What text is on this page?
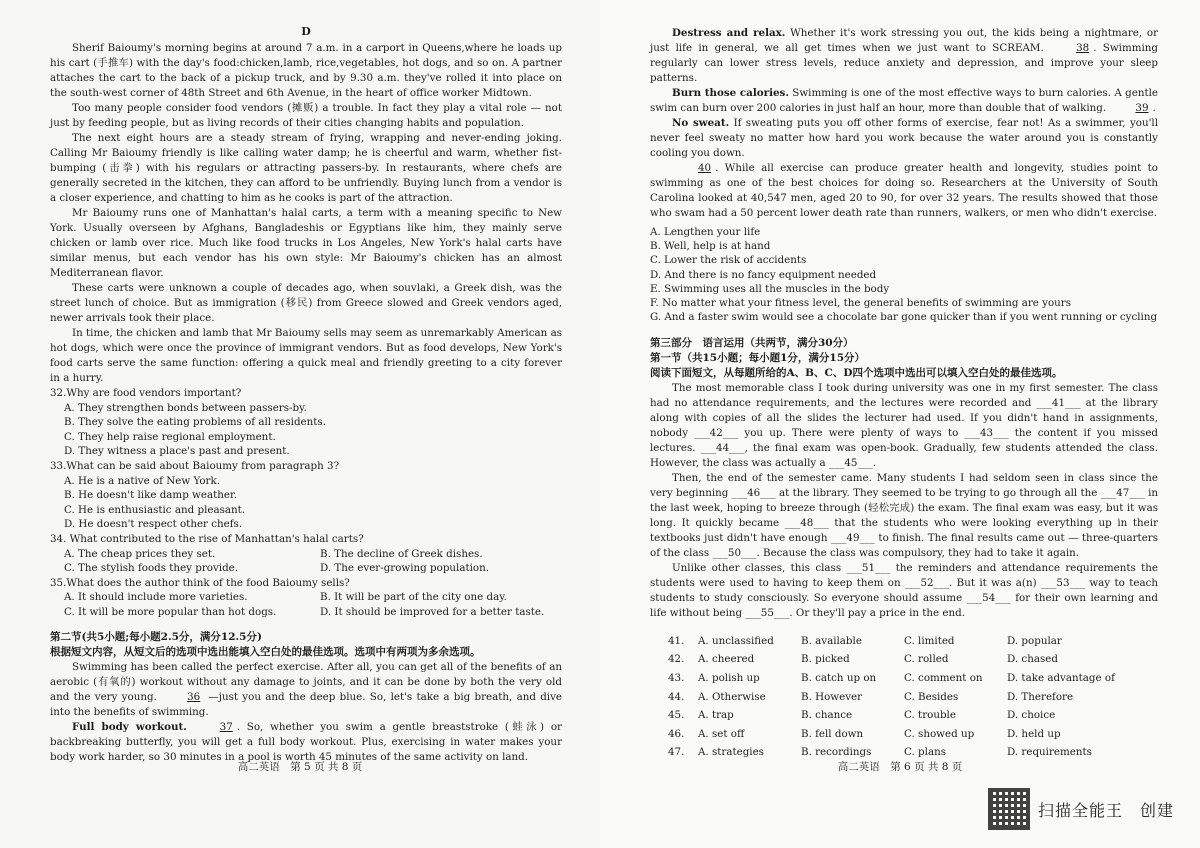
D

Sherif Baioumy's morning begins at around 7 a.m. in a carport in Queens,where he loads up his cart (手推车) with the day's food:chicken,lamb, rice,vegetables, hot dogs, and so on. A partner attaches the cart to the back of a pickup truck, and by 9.30 a.m. they've rolled it into place on the south-west corner of 48th Street and 6th Avenue, in the heart of office worker Midtown.

Too many people consider food vendors (摊贩) a trouble. In fact they play a vital role — not just by feeding people, but as living records of their cities changing habits and population.

The next eight hours are a steady stream of frying, wrapping and never-ending joking. Calling Mr Baioumy friendly is like calling water damp; he is cheerful and warm, whether fist-bumping (击拳) with his regulars or attracting passers-by. In restaurants, where chefs are generally secreted in the kitchen, they can afford to be unfriendly. Buying lunch from a vendor is a closer experience, and chatting to him as he cooks is part of the attraction.

Mr Baioumy runs one of Manhattan's halal carts, a term with a meaning specific to New York. Usually overseen by Afghans, Bangladeshis or Egyptians like him, they mainly serve chicken or lamb over rice. Much like food trucks in Los Angeles, New York's halal carts have similar menus, but each vendor has his own style: Mr Baioumy's chicken has an almost Mediterranean flavor.

These carts were unknown a couple of decades ago, when souvlaki, a Greek dish, was the street lunch of choice. But as immigration (移民) from Greece slowed and Greek vendors aged, newer arrivals took their place.

In time, the chicken and lamb that Mr Baioumy sells may seem as unremarkably American as hot dogs, which were once the province of immigrant vendors. But as food develops, New York's food carts serve the same function: offering a quick meal and friendly greeting to a city forever in a hurry.

32.Why are food vendors important?

A. They strengthen bonds between passers-by.

B. They solve the eating problems of all residents.

C. They help raise regional employment.

D. They witness a place's past and present.

33.What can be said about Baioumy from paragraph 3?

A. He is a native of New York.

B. He doesn't like damp weather.

C. He is enthusiastic and pleasant.

D. He doesn't respect other chefs.

34. What contributed to the rise of Manhattan's halal carts?

A. The cheap prices they set.	B. The decline of Greek dishes.
C. The stylish foods they provide.	D. The ever-growing population.

35.What does the author think of the food Baioumy sells?

A. It should include more varieties.	B. It will be part of the city one day.
C. It will be more popular than hot dogs.	D. It should be improved for a better taste.

第二节(共5小题;每小题2.5分，满分12.5分)

根据短文内容，从短文后的选项中选出能填入空白处的最佳选项。选项中有两项为多余选项。

Swimming has been called the perfect exercise. After all, you can get all of the benefits of an aerobic (有氧的) workout without any damage to joints, and it can be done by both the very old and the very young.	36 —just you and the deep blue. So, let's take a big breath, and dive into the benefits of swimming.

Full body workout.	37 . So, whether you swim a gentle breaststroke (蛙泳) or backbreaking butterfly, you will get a full body workout. Plus, exercising in water makes your body work harder, so 30 minutes in a pool is worth 45 minutes of the same activity on land.

高二英语　第 5 页 共 8 页

Destress and relax. Whether it's work stressing you out, the kids being a nightmare, or just life in general, we all get times when we just want to SCREAM.	38 . Swimming regularly can lower stress levels, reduce anxiety and depression, and improve your sleep patterns.

Burn those calories. Swimming is one of the most effective ways to burn calories. A gentle swim can burn over 200 calories in just half an hour, more than double that of walking.	39 .

No sweat. If sweating puts you off other forms of exercise, fear not! As a swimmer, you'll never feel sweaty no matter how hard you work because the water around you is constantly cooling you down.

40 . While all exercise can produce greater health and longevity, studies point to swimming as one of the best choices for doing so. Researchers at the University of South Carolina looked at 40,547 men, aged 20 to 90, for over 32 years. The results showed that those who swam had a 50 percent lower death rate than runners, walkers, or men who didn't exercise.

A. Lengthen your life

B. Well, help is at hand

C. Lower the risk of accidents

D. And there is no fancy equipment needed

E. Swimming uses all the muscles in the body

F. No matter what your fitness level, the general benefits of swimming are yours

G. And a faster swim would see a chocolate bar gone quicker than if you went running or cycling

第三部分　语言运用（共两节，满分30分）

第一节（共15小题；每小题1分，满分15分）

阅读下面短文，从每题所给的A、B、C、D四个选项中选出可以填入空白处的最佳选项。

The most memorable class I took during university was one in my first semester. The class had no attendance requirements, and the lectures were recorded and ___41___ at the library along with copies of all the slides the lecturer had used. If you didn't hand in assignments, nobody ___42___ you up. There were plenty of ways to ___43___ the content if you missed lectures. ___44___, the final exam was open-book. Gradually, few students attended the class. However, the class was actually a ___45___.

Then, the end of the semester came. Many students I had seldom seen in class since the very beginning ___46___ at the library. They seemed to be trying to go through all the ___47___ in the last week, hoping to breeze through (轻松完成) the exam. The final exam was easy, but it was long. It quickly became ___48___ that the students who were looking everything up in their textbooks just didn't have enough ___49___ to finish. The final results came out — three-quarters of the class ___50___. Because the class was compulsory, they had to take it again.

Unlike other classes, this class ___51___ the reminders and attendance requirements the students were used to having to keep them on ___52___. But it was a(n) ___53___ way to teach students to study consciously. So everyone should assume ___54___ for their own learning and life without being ___55___. Or they'll pay a price in the end.

41.	A. unclassified	B. available	C. limited	D. popular
42.	A. cheered	B. picked	C. rolled	D. chased
43.	A. polish up	B. catch up on	C. comment on	D. take advantage of
44.	A. Otherwise	B. However	C. Besides	D. Therefore
45.	A. trap	B. chance	C. trouble	D. choice
46.	A. set off	B. fell down	C. showed up	D. held up
47.	A. strategies	B. recordings	C. plans	D. requirements
高二英语　第 6 页 共 8 页
扫描全能王　创建
